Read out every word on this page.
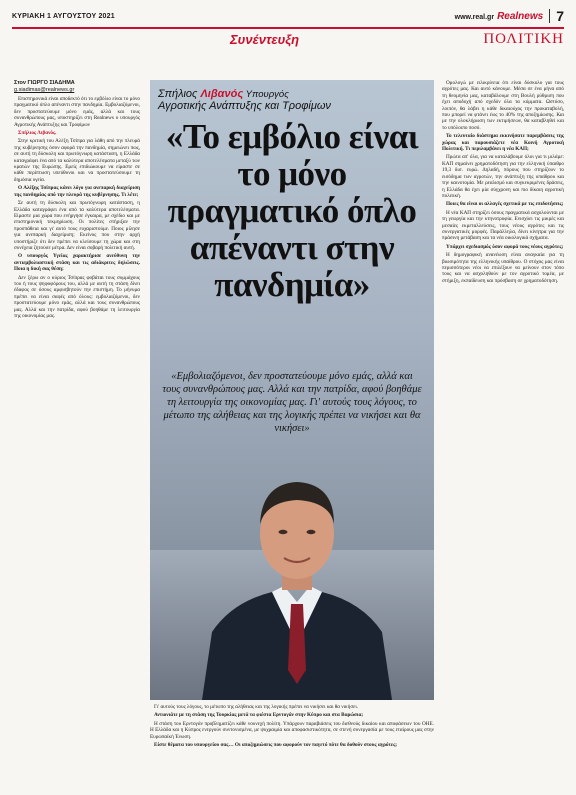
ΚΥΡΙΑΚΗ 1 ΑΥΓΟΥΣΤΟΥ 2021	www.real.gr Realnews 7
Συνέντευξη	ΠΟΛΙΤΙΚΗ
Στον ΓΙΩΡΓΟ ΣΙΑΔΗΜΑ
g.siadimas@realnews.gr

Επιστημονικά είναι αποδεκτό ότι το εμβόλιο είναι το μόνο πραγματικό όπλο απέναντι στην πανδημία. Εμβολιαζόμενοι, δεν προστατεύουμε μόνο εμάς, αλλά και τους συνανθρώπους μας, υποστηρίζει στη Realnews ο υπουργός Αγροτικής Ανάπτυξης και Τροφίμων

Σπήλιος Λιβανός.

Στην κριτική του Αλέξη Τσίπρα για λάθη από την πλευρά της κυβέρνησης όσον αφορά την πανδημία, σημειώνει πως, σε αυτή τη δύσκολη και πρωτόγνωρη κατάσταση, η Ελλάδα καταγράφει ένα από τα καλύτερα αποτελέσματα μεταξύ των κρατών της Ευρώπης. Εμείς επιδιώκουμε να είμαστε σε κάθε περίπτωση υπεύθυνοι και να προστατεύσουμε τη δημόσια υγεία.

Ο Αλέξης Τσίπρας κάνει λόγο για ανεπαρκή διαχείριση της πανδημίας από την πλευρά της κυβέρνησης. Τι λέτε;

Σε αυτή τη δύσκολη και πρωτόγνωρη κατάσταση, η Ελλάδα καταγράφει ένα από τα καλύτερα αποτελέσματα. Είμαστε μια χώρα που ενήργησε έγκαιρα, με σχέδιο και με επιστημονική τεκμηρίωση. Οι πολίτες στήριξαν την προσπάθεια και γι' αυτό τους ευχαριστούμε. Ποιος μίλησε για ανεπαρκή διαχείριση; Εκείνος που στην αρχή υποστήριζε ότι δεν πρέπει να κλείσουμε τη χώρα και στη συνέχεια ζητούσε μέτρα. Δεν είναι σοβαρή πολιτική αυτή.

Ο υπουργός Υγείας χαρακτήρισε ανεύθυνη την αντιεμβολιαστική στάση και τις αδιάκριτες δηλώσεις. Ποια η δική σας θέση;

Δεν ξέρω αν ο κύριος Τσίπρας φοβάται τους συμμάχους του ή τους ψηφοφόρους του, αλλά με αυτή τη στάση δίνει έδαφος σε όσους αμφισβητούν την επιστήμη. Το μήνυμα πρέπει να είναι σαφές από όλους: εμβολιαζόμενοι, δεν προστατεύουμε μόνο εμάς, αλλά και τους συνανθρώπους μας. Αλλά και την πατρίδα, αφού βοηθάμε τη λειτουργία της οικονομίας μας.

Σπήλιος Λιβανός Υπουργός
Αγροτικής Ανάπτυξης και Τροφίμων
«Το εμβόλιο είναι το μόνο πραγματικό όπλο απέναντι στην πανδημία»
«Εμβολιαζόμενοι, δεν προστατεύουμε μόνο εμάς, αλλά και τους συνανθρώπους μας. Αλλά και την πατρίδα, αφού βοηθάμε τη λειτουργία της οικονομίας μας. Γι' αυτούς τους λόγους, το μέτωπο της αλήθειας και της λογικής πρέπει να νικήσει και θα νικήσει»

Γι' αυτούς τους λόγους, το μέτωπο της αλήθειας και της λογικής πρέπει να νικήσει και θα νικήσει.

Αντιονιάτε με τη στάση της Τουρκίας μετά τα φιέστα Ερντογάν στην Κύπρο και στα Βαρώσια;

Η στάση του Ερντογάν προβληματίζει κάθε νουνεχή πολίτη. Υπάρχουν παραβιάσεις του διεθνούς δικαίου και αποφάσεων του ΟΗΕ. Η Ελλάδα και η Κύπρος ενεργούν συντονισμένα, με ψυχραιμία και αποφασιστικότητα, σε στενή συνεργασία με τους εταίρους μας στην Ευρωπαϊκή Ένωση.

Είστε θέματα του υπουργείου σας… Οι αποζημιώσεις που αφορούν τον παγετό πότε θα δοθούν στους αγρότες;

Ομολογώ με ειλικρίνεια ότι είναι δύσκολο για τους αγρότες μας. Και αυτό κάνουμε. Μέσα σε ένα μήνα από τη θεομηνία μας, καταβάλουμε στη Βουλή ρύθμιση που έχει αποδοχή από σχεδόν όλα τα κόμματα. Ωστόσο, λοιπόν, θα λάβει η κάθε δικαιούχος την προκαταβολή, που μπορεί να φτάνει έως το 40% της αποζημίωσης. Και με την ολοκλήρωση των εκτιμήσεων, θα καταβληθεί και το υπόλοιπο ποσό.

Το τελευταίο διάστημα εκκινήσατε παρεμβάσεις της χώρας και παρουσιάζετε νέα Κοινή Αγροτική Πολιτική. Τι περιλαμβάνει η νέα ΚΑΠ;

Πρώτα απ' όλα, για να καταλάβουμε όλοι για τι μιλάμε: ΚΑΠ σημαίνει χρηματοδότηση για την ελληνική ύπαιθρο 19,3 δισ. ευρώ. Δηλαδή, πόρους που στηρίζουν το εισόδημα των αγροτών, την ανάπτυξη της υπαίθρου και την καινοτομία. Με ρεαλισμό και συγκεκριμένες δράσεις, η Ελλάδα θα έχει μία σύγχρονη και πιο δίκαιη αγροτική πολιτική.

Ποιες θα είναι οι αλλαγές σχετικά με τις επιδοτήσεις;

Η νέα ΚΑΠ στηρίζει όσους πραγματικά ασχολούνται με τη γεωργία και την κτηνοτροφία. Ενισχύει τις μικρές και μεσαίες εκμεταλλεύσεις, τους νέους αγρότες και τις συνεργατικές μορφές. Παράλληλα, δίνει κίνητρα για την πράσινη μετάβαση και τα νέα οικολογικά σχήματα.

Υπάρχει σχεδιασμός όσον αφορά τους νέους αγρότες;

Η δημογραφική ανανέωση είναι αναγκαία για τη βιωσιμότητα της ελληνικής υπαίθρου. Ο στόχος μας είναι περισσότεροι νέοι να επιλέξουν να μείνουν στον τόπο τους και να ασχοληθούν με τον αγροτικό τομέα, με στήριξη, εκπαίδευση και πρόσβαση σε χρηματοδότηση.
